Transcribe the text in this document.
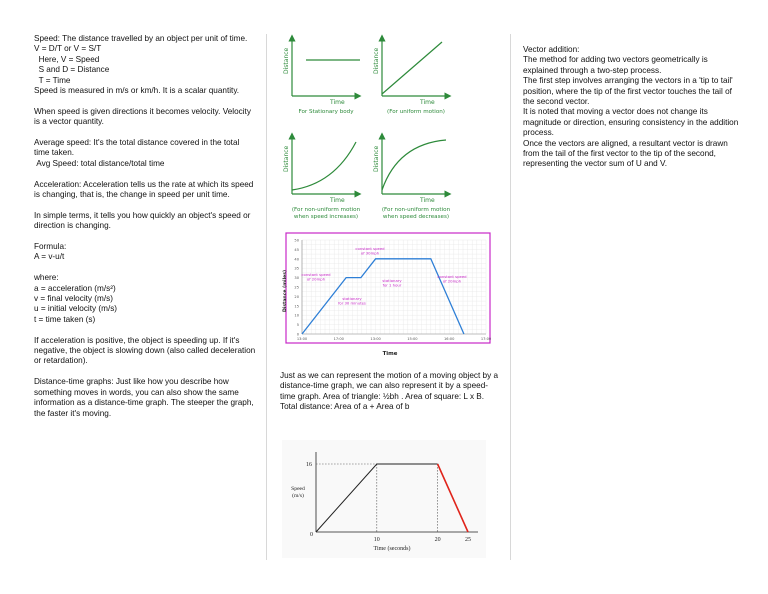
Speed: The distance travelled by an object per unit of time.
V = D/T or V = S/T
Here, V = Speed
S and D = Distance
T = Time
Speed is measured in m/s or km/h. It is a scalar quantity.
When speed is given directions it becomes velocity. Velocity is a vector quantity.
Average speed: It's the total distance covered in the total time taken.
Avg Speed: total distance/total time
Acceleration: Acceleration tells us the rate at which its speed is changing, that is, the change in speed per unit time.
In simple terms, it tells you how quickly an object's speed or direction is changing.
Formula:
A = v-u/t
where:
a = acceleration (m/s²)
v = final velocity (m/s)
u = initial velocity (m/s)
t = time taken (s)
If acceleration is positive, the object is speeding up. If it's negative, the object is slowing down (also called deceleration or retardation).
Distance-time graphs: Just like how you describe how something moves in words, you can also show the same information as a distance-time graph. The steeper the graph, the faster it's moving.
Distance
Time
For Stationary body
Distance
Time
(For uniform motion)
Distance
Time
(For non-uniform motion
when speed increases)
Distance
Time
(For non-uniform motion
when speed decreases)
50
45
40
35
30
25
20
15
10
5
0
13:00	17:00	13:00	15:00	16:00	17:00
constant speed
of 20mph
constant speed
of 30mph
stationary
for 30 minutes
stationary
for 1 hour
constant speed
of 20mph
Distance (miles)
Time
Just as we can represent the motion of a moving object by a distance-time graph, we can also represent it by a speed-time graph. Area of triangle: ½bh . Area of square: L x B. Total distance: Area of a + Area of b
10	20	25
0
16
Speed
(m/s)
Time (seconds)
Vector addition:
The method for adding two vectors geometrically is explained through a two-step process.
The first step involves arranging the vectors in a 'tip to tail' position, where the tip of the first vector touches the tail of the second vector.
It is noted that moving a vector does not change its magnitude or direction, ensuring consistency in the addition process.
Once the vectors are aligned, a resultant vector is drawn from the tail of the first vector to the tip of the second, representing the vector sum of U and V.
